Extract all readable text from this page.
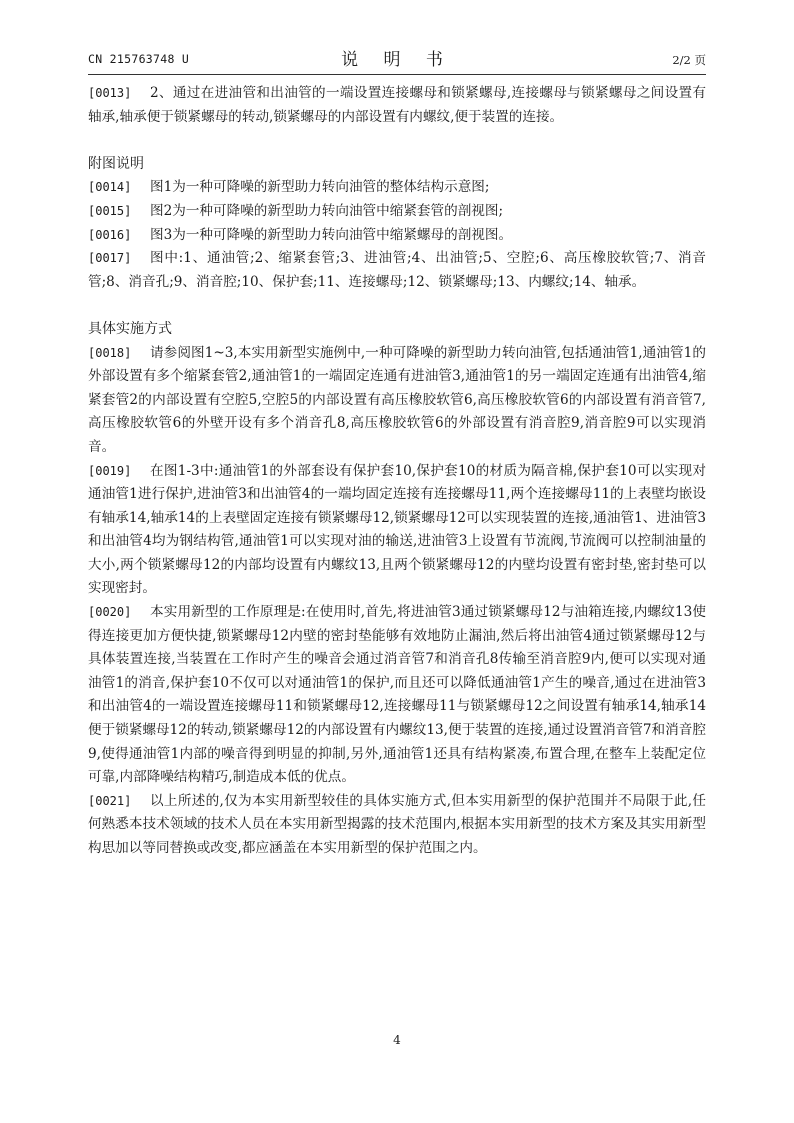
CN 215763748 U	说 明 书	2/2 页

[0013] 2、通过在进油管和出油管的一端设置连接螺母和锁紧螺母,连接螺母与锁紧螺母之间设置有轴承,轴承便于锁紧螺母的转动,锁紧螺母的内部设置有内螺纹,便于装置的连接。

附图说明

[0014] 图1为一种可降噪的新型助力转向油管的整体结构示意图;

[0015] 图2为一种可降噪的新型助力转向油管中缩紧套管的剖视图;

[0016] 图3为一种可降噪的新型助力转向油管中缩紧螺母的剖视图。

[0017] 图中:1、通油管;2、缩紧套管;3、进油管;4、出油管;5、空腔;6、高压橡胶软管;7、消音管;8、消音孔;9、消音腔;10、保护套;11、连接螺母;12、锁紧螺母;13、内螺纹;14、轴承。

具体实施方式

[0018] 请参阅图1~3,本实用新型实施例中,一种可降噪的新型助力转向油管,包括通油管1,通油管1的外部设置有多个缩紧套管2,通油管1的一端固定连通有进油管3,通油管1的另一端固定连通有出油管4,缩紧套管2的内部设置有空腔5,空腔5的内部设置有高压橡胶软管6,高压橡胶软管6的内部设置有消音管7,高压橡胶软管6的外壁开设有多个消音孔8,高压橡胶软管6的外部设置有消音腔9,消音腔9可以实现消音。

[0019] 在图1-3中:通油管1的外部套设有保护套10,保护套10的材质为隔音棉,保护套10可以实现对通油管1进行保护,进油管3和出油管4的一端均固定连接有连接螺母11,两个连接螺母11的上表壁均嵌设有轴承14,轴承14的上表壁固定连接有锁紧螺母12,锁紧螺母12可以实现装置的连接,通油管1、进油管3和出油管4均为钢结构管,通油管1可以实现对油的输送,进油管3上设置有节流阀,节流阀可以控制油量的大小,两个锁紧螺母12的内部均设置有内螺纹13,且两个锁紧螺母12的内壁均设置有密封垫,密封垫可以实现密封。

[0020] 本实用新型的工作原理是:在使用时,首先,将进油管3通过锁紧螺母12与油箱连接,内螺纹13使得连接更加方便快捷,锁紧螺母12内壁的密封垫能够有效地防止漏油,然后将出油管4通过锁紧螺母12与具体装置连接,当装置在工作时产生的噪音会通过消音管7和消音孔8传输至消音腔9内,便可以实现对通油管1的消音,保护套10不仅可以对通油管1的保护,而且还可以降低通油管1产生的噪音,通过在进油管3和出油管4的一端设置连接螺母11和锁紧螺母12,连接螺母11与锁紧螺母12之间设置有轴承14,轴承14便于锁紧螺母12的转动,锁紧螺母12的内部设置有内螺纹13,便于装置的连接,通过设置消音管7和消音腔9,使得通油管1内部的噪音得到明显的抑制,另外,通油管1还具有结构紧凑,布置合理,在整车上装配定位可靠,内部降噪结构精巧,制造成本低的优点。

[0021] 以上所述的,仅为本实用新型较佳的具体实施方式,但本实用新型的保护范围并不局限于此,任何熟悉本技术领域的技术人员在本实用新型揭露的技术范围内,根据本实用新型的技术方案及其实用新型构思加以等同替换或改变,都应涵盖在本实用新型的保护范围之内。

4
